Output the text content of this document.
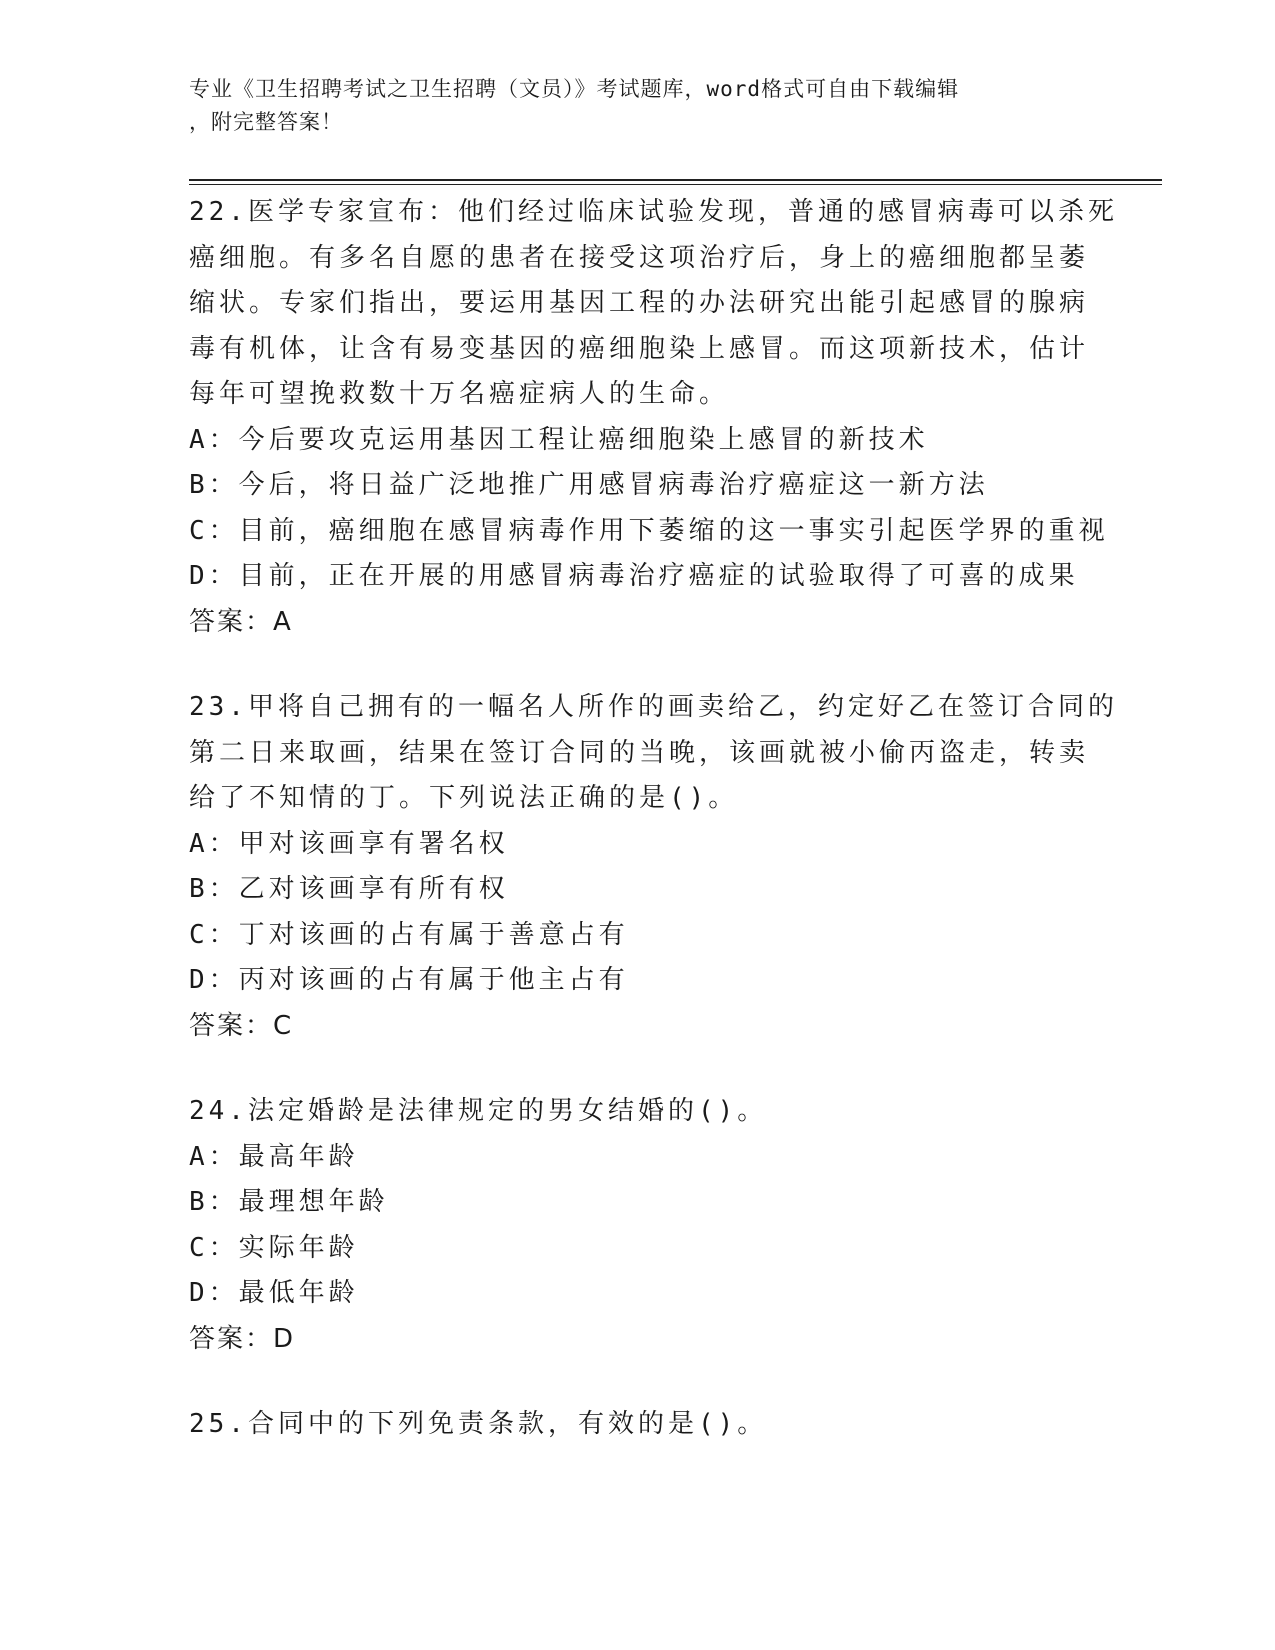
专业《卫生招聘考试之卫生招聘（文员）》考试题库，word格式可自由下载编辑
，附完整答案！
22.医学专家宣布：他们经过临床试验发现，普通的感冒病毒可以杀死
癌细胞。有多名自愿的患者在接受这项治疗后，身上的癌细胞都呈萎
缩状。专家们指出，要运用基因工程的办法研究出能引起感冒的腺病
毒有机体，让含有易变基因的癌细胞染上感冒。而这项新技术，估计
每年可望挽救数十万名癌症病人的生命。
A：今后要攻克运用基因工程让癌细胞染上感冒的新技术
B：今后，将日益广泛地推广用感冒病毒治疗癌症这一新方法
C：目前，癌细胞在感冒病毒作用下萎缩的这一事实引起医学界的重视
D：目前，正在开展的用感冒病毒治疗癌症的试验取得了可喜的成果
答案：A
23.甲将自己拥有的一幅名人所作的画卖给乙，约定好乙在签订合同的
第二日来取画，结果在签订合同的当晚，该画就被小偷丙盗走，转卖
给了不知情的丁。下列说法正确的是()。
A：甲对该画享有署名权
B：乙对该画享有所有权
C：丁对该画的占有属于善意占有
D：丙对该画的占有属于他主占有
答案：C
24.法定婚龄是法律规定的男女结婚的()。
A：最高年龄
B：最理想年龄
C：实际年龄
D：最低年龄
答案：D
25.合同中的下列免责条款，有效的是()。
